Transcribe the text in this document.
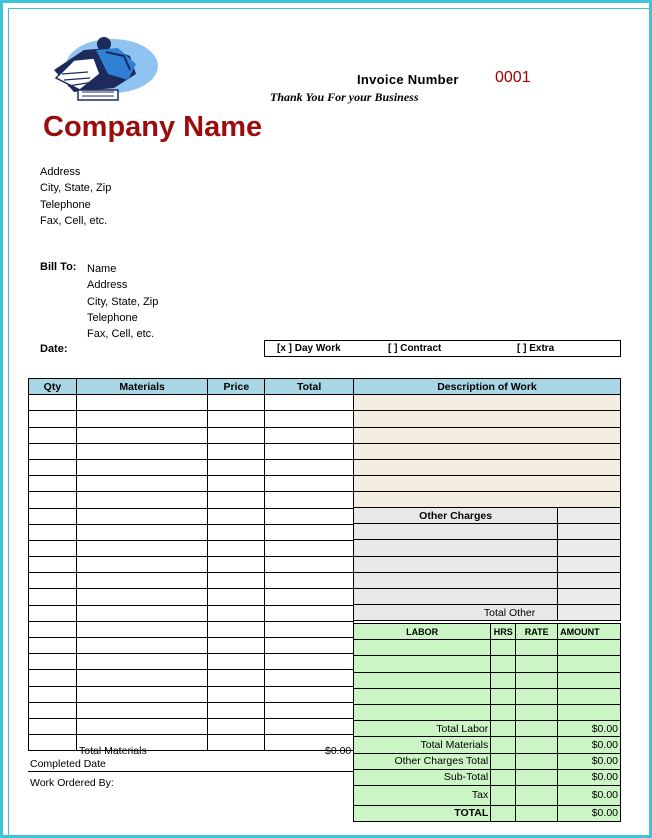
Invoice Number 0001
Thank You For your Business
Company Name
Address
City, State, Zip
Telephone
Fax, Cell, etc.
Bill To: Name
Address
City, State, Zip
Telephone
Fax, Cell, etc.
Date:	[x ] Day Work	[ ] Contract	[ ] Extra
Qty	Materials	Price	Total

				Description of Work

Other Charges	

Total Other	
LABOR	HRS	RATE	AMOUNT

Total Labor			$0.00
Total Materials			$0.00
Other Charges Total			$0.00
Sub-Total			$0.00
Tax			$0.00
TOTAL			$0.00
Total Materials	$0.00
Completed Date
Work Ordered By:
